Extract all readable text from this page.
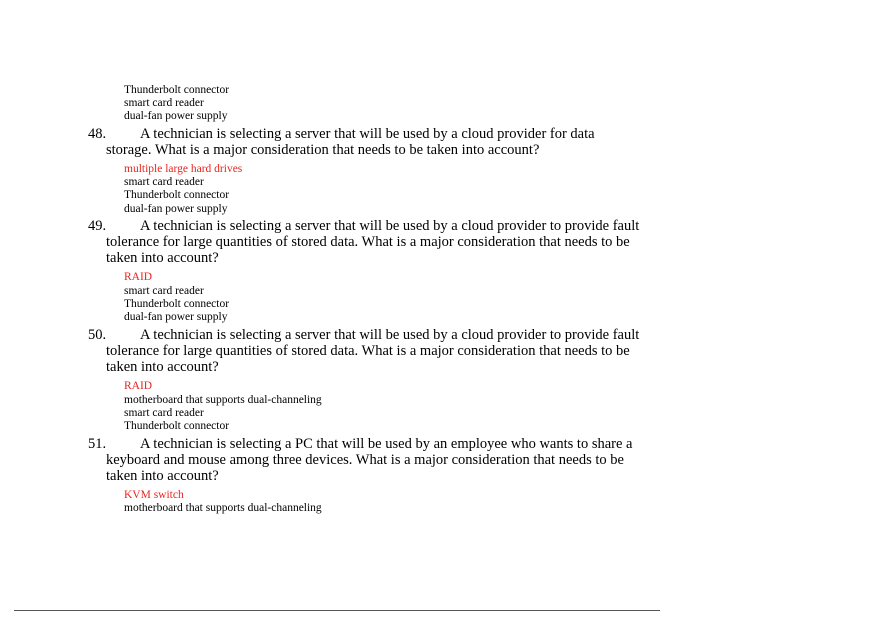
Thunderbolt connector
smart card reader
dual-fan power supply
48. A technician is selecting a server that will be used by a cloud provider for data
storage. What is a major consideration that needs to be taken into account?
multiple large hard drives
smart card reader
Thunderbolt connector
dual-fan power supply
49. A technician is selecting a server that will be used by a cloud provider to provide fault
tolerance for large quantities of stored data. What is a major consideration that needs to be
taken into account?
RAID
smart card reader
Thunderbolt connector
dual-fan power supply
50. A technician is selecting a server that will be used by a cloud provider to provide fault
tolerance for large quantities of stored data. What is a major consideration that needs to be
taken into account?
RAID
motherboard that supports dual-channeling
smart card reader
Thunderbolt connector
51. A technician is selecting a PC that will be used by an employee who wants to share a
keyboard and mouse among three devices. What is a major consideration that needs to be
taken into account?
KVM switch
motherboard that supports dual-channeling
